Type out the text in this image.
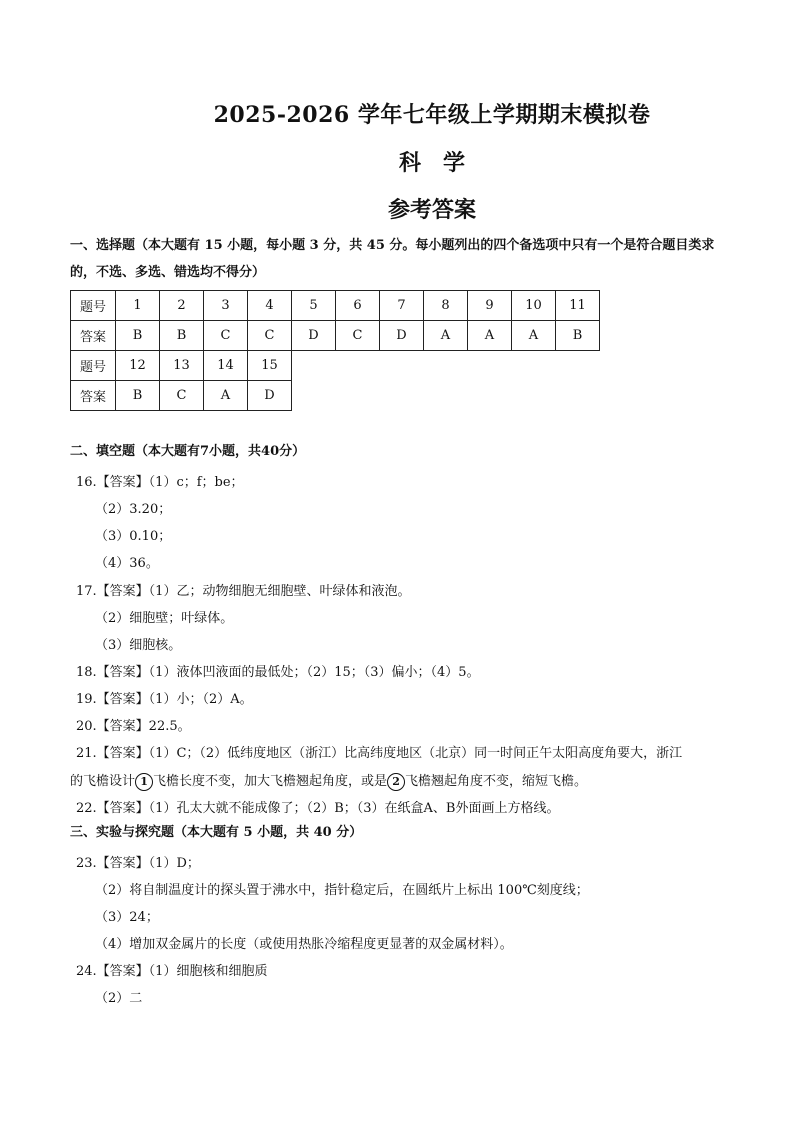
2025-2026 学年七年级上学期期末模拟卷
科　学
参考答案
一、选择题（本大题有 15 小题，每小题 3 分，共 45 分。每小题列出的四个备选项中只有一个是符合题目类求的，不选、多选、错选均不得分）
题号	1	2	3	4	5	6	7	8	9	10	11
答案	B	B	C	C	D	C	D	A	A	A	B
题号	12	13	14	15							
答案	B	C	A	D							
二、填空题（本大题有7小题，共40分）
16.【答案】（1）c；f；be；
（2）3.20；
（3）0.10；
（4）36。
17.【答案】（1）乙；动物细胞无细胞壁、叶绿体和液泡。
（2）细胞壁；叶绿体。
（3）细胞核。
18.【答案】（1）液体凹液面的最低处；（2）15；（3）偏小；（4）5。
19.【答案】（1）小；（2）A。
20.【答案】22.5。
21.【答案】（1）C；（2）低纬度地区（浙江）比高纬度地区（北京）同一时间正午太阳高度角要大，浙江
的飞檐设计 1 飞檐长度不变，加大飞檐翘起角度，或是 2 飞檐翘起角度不变，缩短飞檐。
22.【答案】（1）孔太大就不能成像了；（2）B；（3）在纸盒A、B外面画上方格线。
三、实验与探究题（本大题有 5 小题，共 40 分）
23.【答案】（1）D；
（2）将自制温度计的探头置于沸水中，指针稳定后，在圆纸片上标出 100℃刻度线；
（3）24；
（4）增加双金属片的长度（或使用热胀冷缩程度更显著的双金属材料）。
24.【答案】（1）细胞核和细胞质
（2）二
